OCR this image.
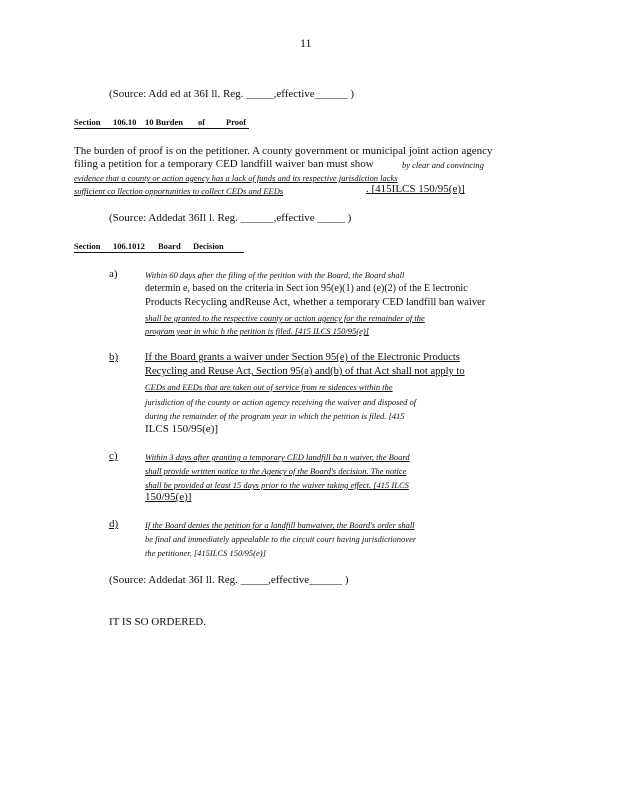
11
(Source: Add ed at 36I ll. Reg. _____,effective______ )
Section 106.10 10 Burden of Proof
The burden of proof is on the petitioner. A county government or municipal joint action agency
filing a petition for a temporary CED landfill waiver ban must show	by clear and convincing
evidence that a county or action agency has a lack of funds and its respective jurisdiction lacks
sufficient co llection opportunities to collect CEDs and EEDs	. [415ILCS 150/95(e)]
(Source: Addedat 36Il l. Reg. ______,effective _____ )
Section 106.1012 Board Decision
a)	Within 60 days after the filing of the petition with the Board, the Board shall
determin e, based on the criteria in Sect ion 95(e)(1) and (e)(2) of the E lectronic
Products Recycling andReuse Act, whether a temporary CED landfill ban waiver
shall be granted to the respective county or action agency for the remainder of the
program year in whic h the petition is filed. [415 ILCS 150/95(e)]
b)	If the Board grants a waiver under Section 95(e) of the Electronic Products
Recycling and Reuse Act, Section 95(a) and(b) of that Act shall not apply to
CEDs and EEDs that are taken out of service from re sidences within the
jurisdiction of the county or action agency receiving the waiver and disposed of
during the remainder of the program year in which the petition is filed. [415
ILCS 150/95(e)]
c)	Within 3 days after granting a temporary CED landfill ba n waiver, the Board
shall provide written notice to the Agency of the Board's decision. The notice
shall be provided at least 15 days prior to the waiver taking effect. [415 ILCS
150/95(e)]
d)	If the Board denies the petition for a landfill banwaiver, the Board's order shall
be final and immediately appealable to the circuit court having jurisdictionover
the petitioner. [415ILCS 150/95(e)]
(Source: Addedat 36I ll. Reg. _____,effective______ )
IT IS SO ORDERED.
